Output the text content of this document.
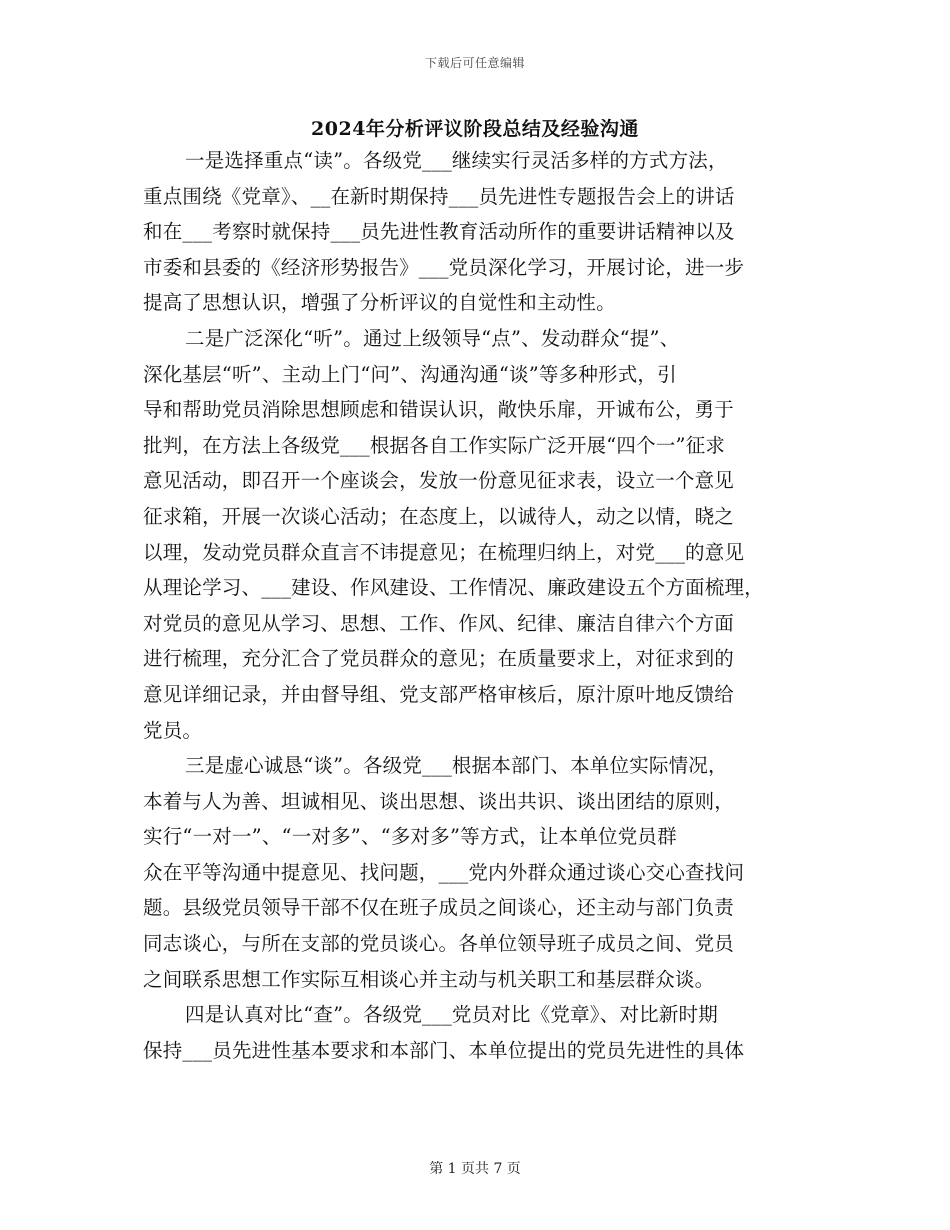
下载后可任意编辑
2024年分析评议阶段总结及经验沟通
一是选择重点“读”。各级党___继续实行灵活多样的方式方法，
重点围绕《党章》、__在新时期保持___员先进性专题报告会上的讲话
和在___考察时就保持___员先进性教育活动所作的重要讲话精神以及
市委和县委的《经济形势报告》___党员深化学习，开展讨论，进一步
提高了思想认识，增强了分析评议的自觉性和主动性。
二是广泛深化“听”。通过上级领导“点”、发动群众“提”、
深化基层“听”、主动上门“问”、沟通沟通“谈”等多种形式，引
导和帮助党员消除思想顾虑和错误认识，敞快乐扉，开诚布公，勇于
批判，在方法上各级党___根据各自工作实际广泛开展“四个一”征求
意见活动，即召开一个座谈会，发放一份意见征求表，设立一个意见
征求箱，开展一次谈心活动；在态度上，以诚待人，动之以情，晓之
以理，发动党员群众直言不讳提意见；在梳理归纳上，对党___的意见
从理论学习、___建设、作风建设、工作情况、廉政建设五个方面梳理，
对党员的意见从学习、思想、工作、作风、纪律、廉洁自律六个方面
进行梳理，充分汇合了党员群众的意见；在质量要求上，对征求到的
意见详细记录，并由督导组、党支部严格审核后，原汁原叶地反馈给
党员。
三是虚心诚恳“谈”。各级党___根据本部门、本单位实际情况，
本着与人为善、坦诚相见、谈出思想、谈出共识、谈出团结的原则，
实行“一对一”、“一对多”、“多对多”等方式，让本单位党员群
众在平等沟通中提意见、找问题，___党内外群众通过谈心交心查找问
题。县级党员领导干部不仅在班子成员之间谈心，还主动与部门负责
同志谈心，与所在支部的党员谈心。各单位领导班子成员之间、党员
之间联系思想工作实际互相谈心并主动与机关职工和基层群众谈。
四是认真对比“查”。各级党___党员对比《党章》、对比新时期
保持___员先进性基本要求和本部门、本单位提出的党员先进性的具体
第 1 页共 7 页
